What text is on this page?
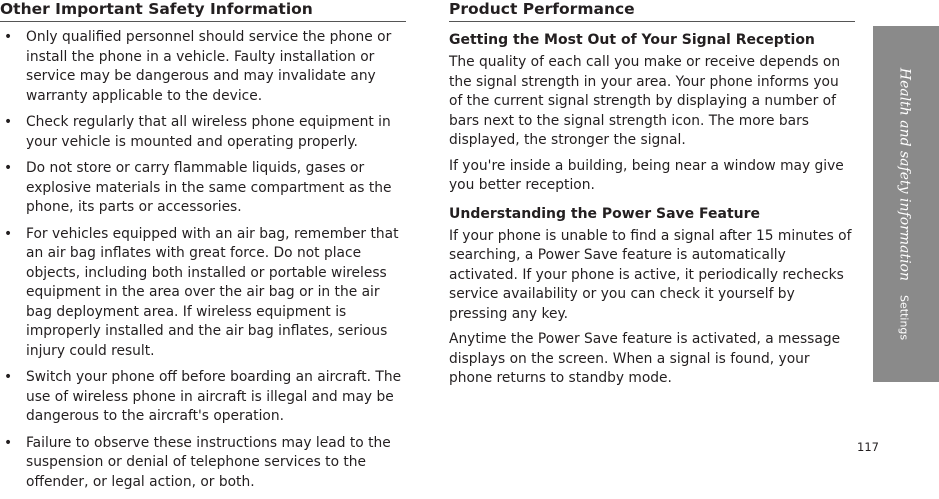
Other Important Safety Information
• Only qualified personnel should service the phone or install the phone in a vehicle. Faulty installation or service may be dangerous and may invalidate any warranty applicable to the device.
• Check regularly that all wireless phone equipment in your vehicle is mounted and operating properly.
• Do not store or carry flammable liquids, gases or explosive materials in the same compartment as the phone, its parts or accessories.
• For vehicles equipped with an air bag, remember that an air bag inflates with great force. Do not place objects, including both installed or portable wireless equipment in the area over the air bag or in the air bag deployment area. If wireless equipment is improperly installed and the air bag inflates, serious injury could result.
• Switch your phone off before boarding an aircraft. The use of wireless phone in aircraft is illegal and may be dangerous to the aircraft's operation.
• Failure to observe these instructions may lead to the suspension or denial of telephone services to the offender, or legal action, or both.
Product Performance
Getting the Most Out of Your Signal Reception

The quality of each call you make or receive depends on the signal strength in your area. Your phone informs you of the current signal strength by displaying a number of bars next to the signal strength icon. The more bars displayed, the stronger the signal.

If you're inside a building, being near a window may give you better reception.

Understanding the Power Save Feature

If your phone is unable to find a signal after 15 minutes of searching, a Power Save feature is automatically activated. If your phone is active, it periodically rechecks service availability or you can check it yourself by pressing any key.

Anytime the Power Save feature is activated, a message displays on the screen. When a signal is found, your phone returns to standby mode.

Health and safety informationSettings
117
